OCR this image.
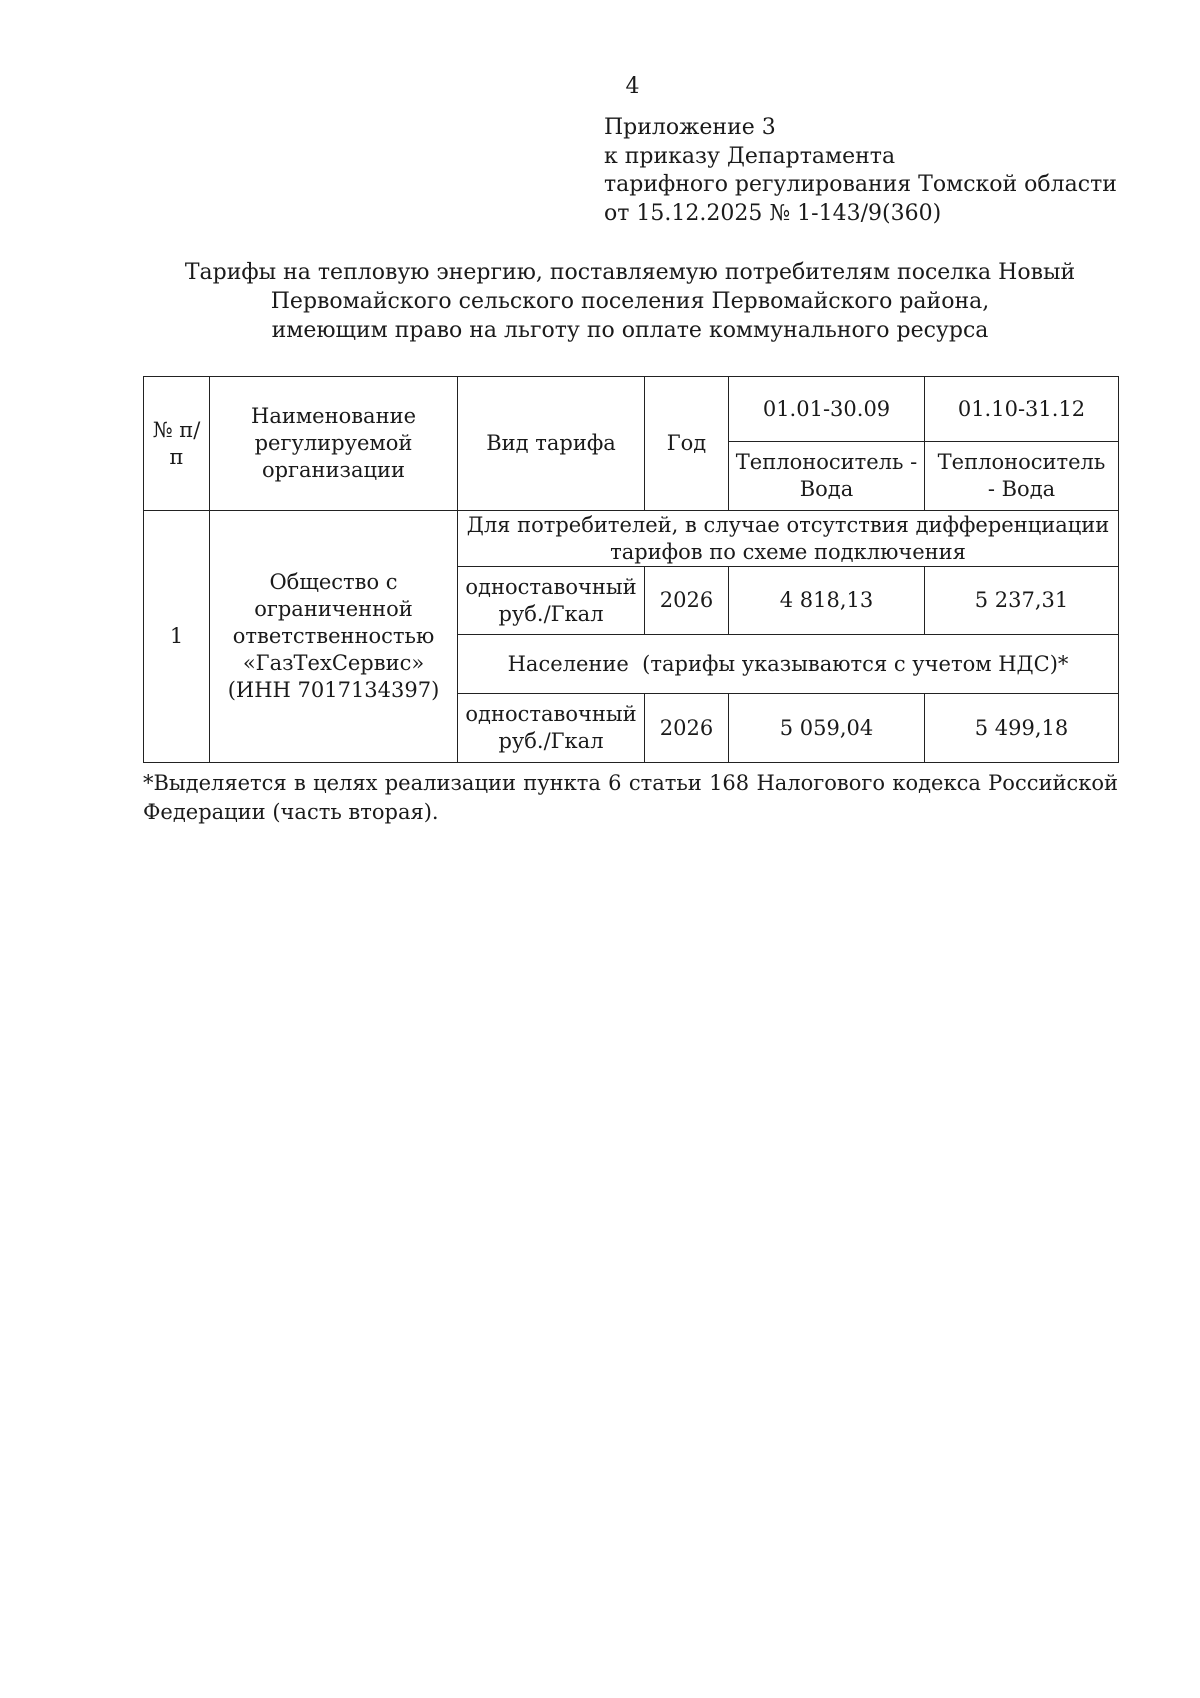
4
Приложение 3
к приказу Департамента
тарифного регулирования Томской области
от 15.12.2025 № 1-143/9(360)
Тарифы на тепловую энергию, поставляемую потребителям поселка Новый
Первомайского сельского поселения Первомайского района,
имеющим право на льготу по оплате коммунального ресурса
№ п/п	Наименование регулируемой организации	Вид тарифа	Год	01.01-30.09	01.10-31.12
				Теплоноситель - Вода	Теплоноситель - Вода
1	Общество с ограниченной ответственностью
«ГазТехСервис»
(ИНН 7017134397)	Для потребителей, в случае отсутствия дифференциации тарифов по схеме подключения			
		одноставочный руб./Гкал	2026	4 818,13	5 237,31
		Население  (тарифы указываются с учетом НДС)*			
		одноставочный руб./Гкал	2026	5 059,04	5 499,18
*Выделяется в целях реализации пункта 6 статьи 168 Налогового кодекса Российской
Федерации (часть вторая).
